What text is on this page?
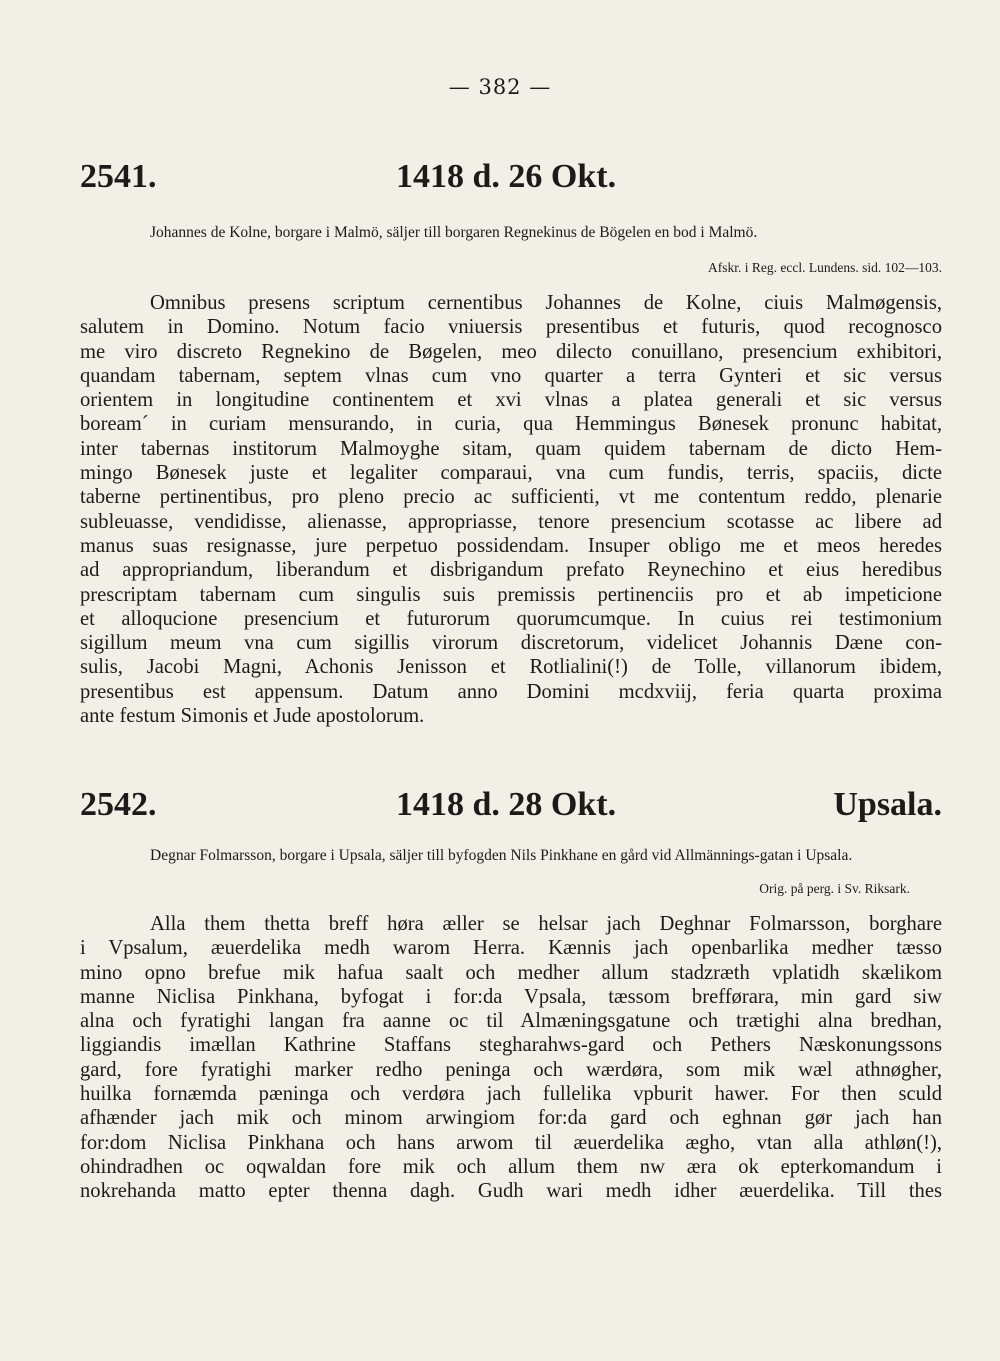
— 382 —
2541.	1418 d. 26 Okt.
Johannes de Kolne, borgare i Malmö, säljer till borgaren Regnekinus de Bögelen en bod i Malmö.
Afskr. i Reg. eccl. Lundens. sid. 102—103.
Omnibus presens scriptum cernentibus Johannes de Kolne, ciuis Malmøgensis,
salutem in Domino. Notum facio vniuersis presentibus et futuris, quod recognosco
me viro discreto Regnekino de Bøgelen, meo dilecto conuillano, presencium exhibitori,
quandam tabernam, septem vlnas cum vno quarter a terra Gynteri et sic versus
orientem in longitudine continentem et xvi vlnas a platea generali et sic versus
boream´ in curiam mensurando, in curia, qua Hemmingus Bønesek pronunc habitat,
inter tabernas institorum Malmoyghe sitam, quam quidem tabernam de dicto Hem-
mingo Bønesek juste et legaliter comparaui, vna cum fundis, terris, spaciis, dicte
taberne pertinentibus, pro pleno precio ac sufficienti, vt me contentum reddo, plenarie
subleuasse, vendidisse, alienasse, appropriasse, tenore presencium scotasse ac libere ad
manus suas resignasse, jure perpetuo possidendam. Insuper obligo me et meos heredes
ad appropriandum, liberandum et disbrigandum prefato Reynechino et eius heredibus
prescriptam tabernam cum singulis suis premissis pertinenciis pro et ab impeticione
et alloqucione presencium et futurorum quorumcumque. In cuius rei testimonium
sigillum meum vna cum sigillis virorum discretorum, videlicet Johannis Dæne con-
sulis, Jacobi Magni, Achonis Jenisson et Rotlialini(!) de Tolle, villanorum ibidem,
presentibus est appensum. Datum anno Domini mcdxviij, feria quarta proxima
ante festum Simonis et Jude apostolorum.
2542.	1418 d. 28 Okt.	Upsala.
Degnar Folmarsson, borgare i Upsala, säljer till byfogden Nils Pinkhane en gård vid Allmännings-gatan i Upsala.
Orig. på perg. i Sv. Riksark.
Alla them thetta breff høra æller se helsar jach Deghnar Folmarsson, borghare
i Vpsalum, æuerdelika medh warom Herra. Kænnis jach openbarlika medher tæsso
mino opno brefue mik hafua saalt och medher allum stadzræth vplatidh skælikom
manne Niclisa Pinkhana, byfogat i for:da Vpsala, tæssom brefførara, min gard siw
alna och fyratighi langan fra aanne oc til Almæningsgatune och trætighi alna bredhan,
liggiandis imællan Kathrine Staffans stegharahws-gard och Pethers Næskonungssons
gard, fore fyratighi marker redho peninga och wærdøra, som mik wæl athnøgher,
huilka fornæmda pæninga och verdøra jach fullelika vpburit hawer. For then sculd
afhænder jach mik och minom arwingiom for:da gard och eghnan gør jach han
for:dom Niclisa Pinkhana och hans arwom til æuerdelika ægho, vtan alla athløn(!),
ohindradhen oc oqwaldan fore mik och allum them nw æra ok epterkomandum i
nokrehanda matto epter thenna dagh. Gudh wari medh idher æuerdelika. Till thes
